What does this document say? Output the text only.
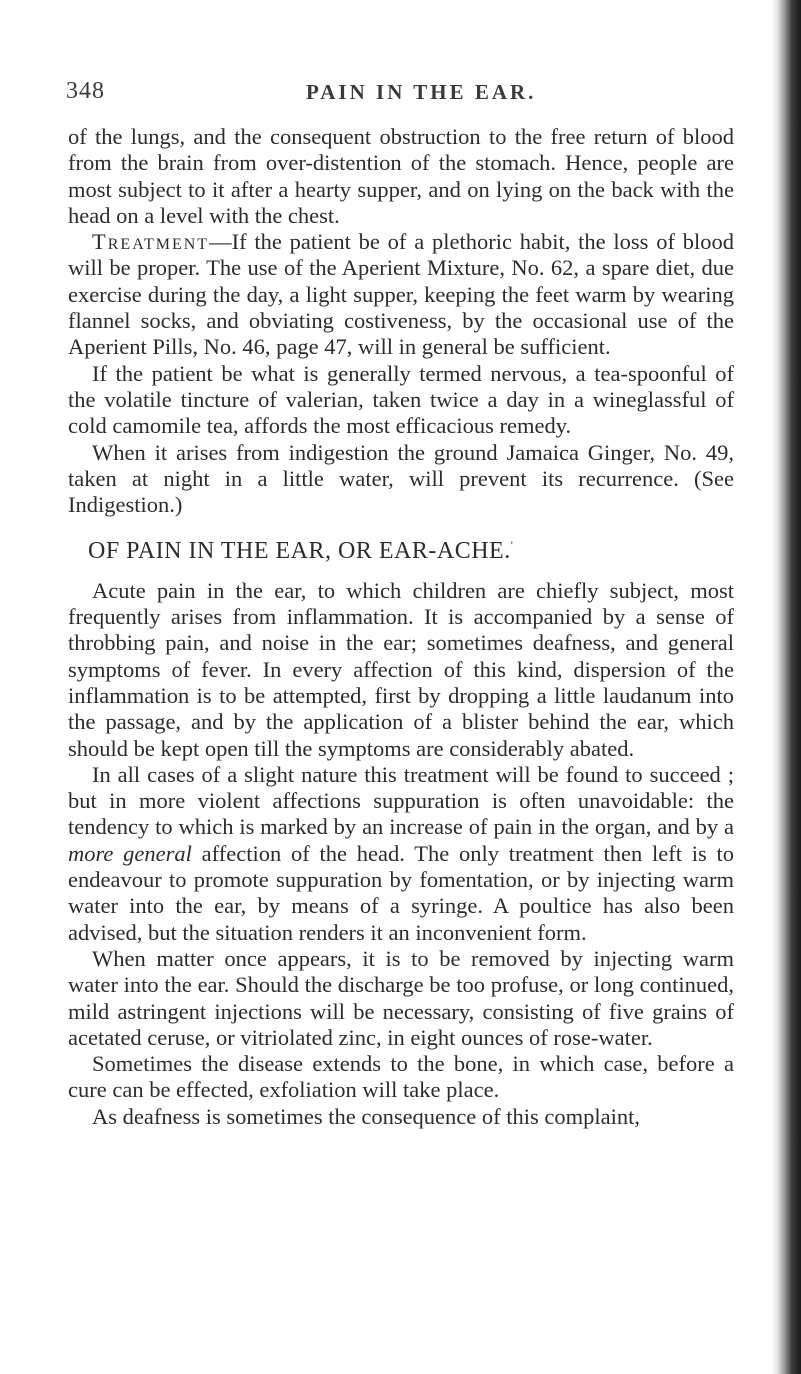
348	PAIN IN THE EAR.

of the lungs, and the consequent obstruction to the free return of blood from the brain from over-distention of the stomach. Hence, people are most subject to it after a hearty supper, and on lying on the back with the head on a level with the chest.

Treatment—If the patient be of a plethoric habit, the loss of blood will be proper. The use of the Aperient Mixture, No. 62, a spare diet, due exercise during the day, a light supper, keeping the feet warm by wearing flannel socks, and obviating costiveness, by the occasional use of the Aperient Pills, No. 46, page 47, will in general be sufficient.

If the patient be what is generally termed nervous, a tea-spoonful of the volatile tincture of valerian, taken twice a day in a wineglassful of cold camomile tea, affords the most efficacious remedy.

When it arises from indigestion the ground Jamaica Ginger, No. 49, taken at night in a little water, will prevent its recurrence. (See Indigestion.)

OF PAIN IN THE EAR, OR EAR-ACHE.'

Acute pain in the ear, to which children are chiefly subject, most frequently arises from inflammation. It is accompanied by a sense of throbbing pain, and noise in the ear; sometimes deafness, and general symptoms of fever. In every affection of this kind, dispersion of the inflammation is to be attempted, first by dropping a little laudanum into the passage, and by the application of a blister behind the ear, which should be kept open till the symptoms are considerably abated.

In all cases of a slight nature this treatment will be found to succeed ; but in more violent affections suppuration is often unavoidable: the tendency to which is marked by an increase of pain in the organ, and by a more general affection of the head. The only treatment then left is to endeavour to promote suppuration by fomentation, or by injecting warm water into the ear, by means of a syringe. A poultice has also been advised, but the situation renders it an inconvenient form.

When matter once appears, it is to be removed by injecting warm water into the ear. Should the discharge be too profuse, or long continued, mild astringent injections will be necessary, consisting of five grains of acetated ceruse, or vitriolated zinc, in eight ounces of rose-water.

Sometimes the disease extends to the bone, in which case, before a cure can be effected, exfoliation will take place.

As deafness is sometimes the consequence of this complaint,
